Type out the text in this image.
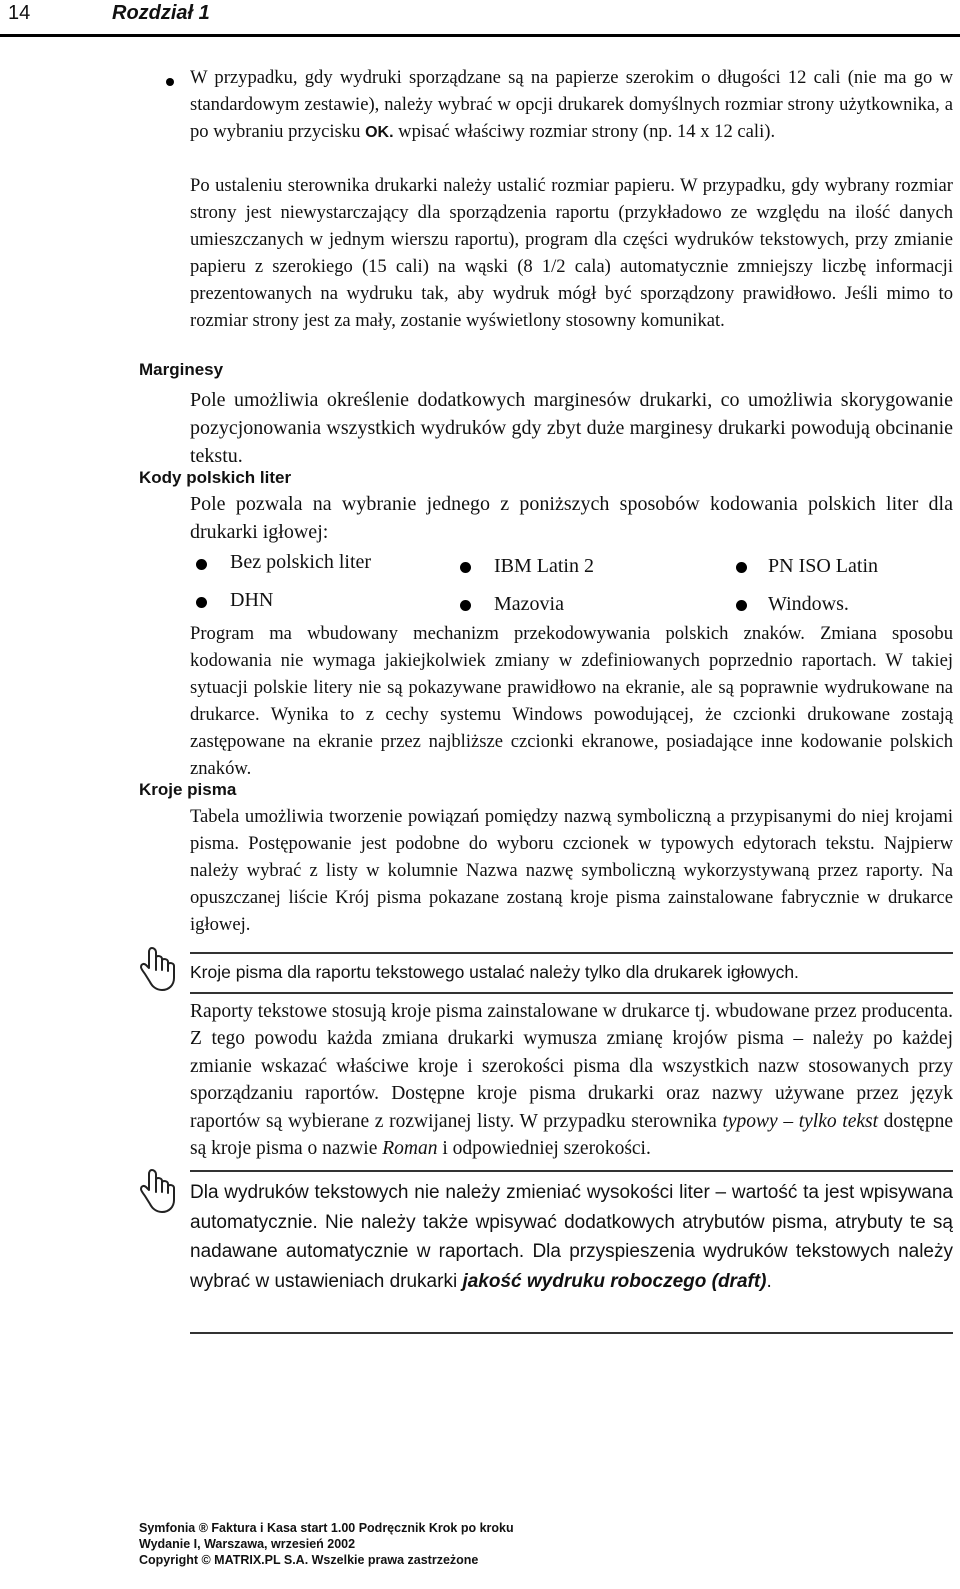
14	Rozdział 1
W przypadku, gdy wydruki sporządzane są na papierze szerokim o długości 12 cali (nie ma go w standardowym zestawie), należy wybrać w opcji drukarek domyślnych rozmiar strony użytkownika, a po wybraniu przycisku OK. wpisać właściwy rozmiar strony (np. 14 x 12 cali).
Po ustaleniu sterownika drukarki należy ustalić rozmiar papieru. W przypadku, gdy wybrany rozmiar strony jest niewystarczający dla sporządzenia raportu (przykładowo ze względu na ilość danych umieszczanych w jednym wierszu raportu), program dla części wydruków tekstowych, przy zmianie papieru z szerokiego (15 cali) na wąski (8 1/2 cala) automatycznie zmniejszy liczbę informacji prezentowanych na wydruku tak, aby wydruk mógł być sporządzony prawidłowo. Jeśli mimo to rozmiar strony jest za mały, zostanie wyświetlony stosowny komunikat.
Marginesy
Pole umożliwia określenie dodatkowych marginesów drukarki, co umożliwia skorygowanie pozycjonowania wszystkich wydruków gdy zbyt duże marginesy drukarki powodują obcinanie tekstu.
Kody polskich liter
Pole pozwala na wybranie jednego z poniższych sposobów kodowania polskich liter dla drukarki igłowej:
Bez polskich liter	IBM Latin 2	PN ISO Latin
DHN	Mazovia	Windows.
Program ma wbudowany mechanizm przekodowywania polskich znaków. Zmiana sposobu kodowania nie wymaga jakiejkolwiek zmiany w zdefiniowanych poprzednio raportach. W takiej sytuacji polskie litery nie są pokazywane prawidłowo na ekranie, ale są poprawnie wydrukowane na drukarce. Wynika to z cechy systemu Windows powodującej, że czcionki drukowane zostają zastępowane na ekranie przez najbliższe czcionki ekranowe, posiadające inne kodowanie polskich znaków.
Kroje pisma
Tabela umożliwia tworzenie powiązań pomiędzy nazwą symboliczną a przypisanymi do niej krojami pisma. Postępowanie jest podobne do wyboru czcionek w typowych edytorach tekstu. Najpierw należy wybrać z listy w kolumnie Nazwa nazwę symboliczną wykorzystywaną przez raporty. Na opuszczanej liście Krój pisma pokazane zostaną kroje pisma zainstalowane fabrycznie w drukarce igłowej.
Kroje pisma dla raportu tekstowego ustalać należy tylko dla drukarek igłowych.
Raporty tekstowe stosują kroje pisma zainstalowane w drukarce tj. wbudowane przez producenta. Z tego powodu każda zmiana drukarki wymusza zmianę krojów pisma – należy po każdej zmianie wskazać właściwe kroje i szerokości pisma dla wszystkich nazw stosowanych przy sporządzaniu raportów. Dostępne kroje pisma drukarki oraz nazwy używane przez język raportów są wybierane z rozwijanej listy. W przypadku sterownika typowy – tylko tekst dostępne są kroje pisma o nazwie Roman i odpowiedniej szerokości.
Dla wydruków tekstowych nie należy zmieniać wysokości liter – wartość ta jest wpisywana automatycznie. Nie należy także wpisywać dodatkowych atrybutów pisma, atrybuty te są nadawane automatycznie w raportach. Dla przyspieszenia wydruków tekstowych należy wybrać w ustawieniach drukarki jakość wydruku roboczego (draft).
Symfonia ® Faktura i Kasa start 1.00 Podręcznik Krok po kroku
Wydanie I, Warszawa, wrzesień 2002
Copyright © MATRIX.PL S.A. Wszelkie prawa zastrzeżone
